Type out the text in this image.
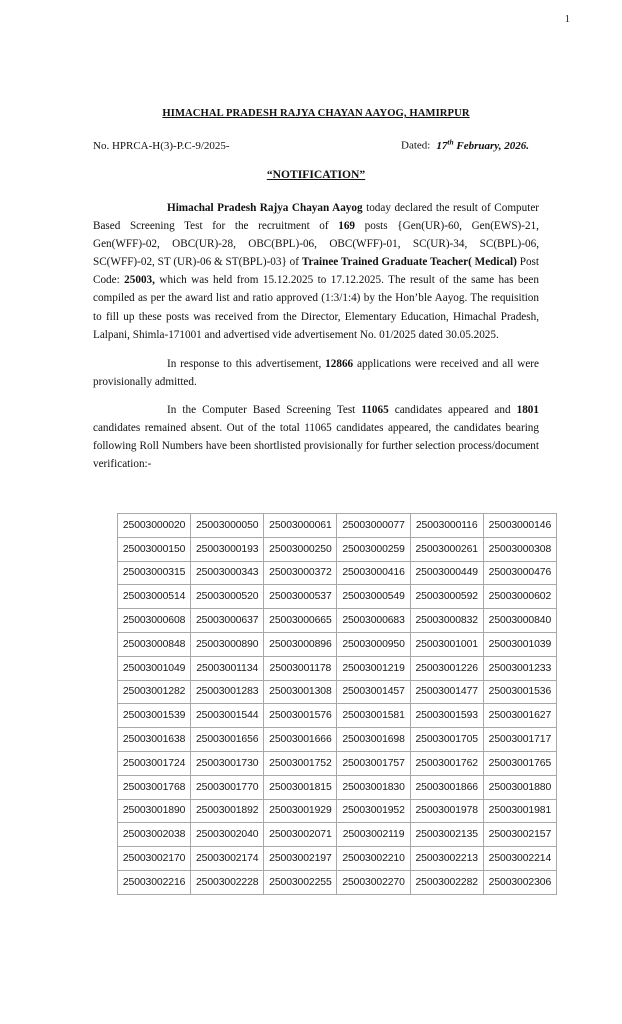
1
HIMACHAL PRADESH RAJYA CHAYAN AAYOG, HAMIRPUR
No. HPRCA-H(3)-P.C-9/2025-	Dated: 17th February, 2026.
“NOTIFICATION”

Himachal Pradesh Rajya Chayan Aayog today declared the result of Computer Based Screening Test for the recruitment of 169 posts {Gen(UR)-60, Gen(EWS)-21, Gen(WFF)-02, OBC(UR)-28, OBC(BPL)-06, OBC(WFF)-01, SC(UR)-34, SC(BPL)-06, SC(WFF)-02, ST (UR)-06 & ST(BPL)-03} of Trainee Trained Graduate Teacher( Medical) Post Code: 25003, which was held from 15.12.2025 to 17.12.2025. The result of the same has been compiled as per the award list and ratio approved (1:3/1:4) by the Hon’ble Aayog. The requisition to fill up these posts was received from the Director, Elementary Education, Himachal Pradesh, Lalpani, Shimla-171001 and advertised vide advertisement No. 01/2025 dated 30.05.2025.

In response to this advertisement, 12866 applications were received and all were provisionally admitted.

In the Computer Based Screening Test 11065 candidates appeared and 1801 candidates remained absent. Out of the total 11065 candidates appeared, the candidates bearing following Roll Numbers have been shortlisted provisionally for further selection process/document verification:-

25003000020	25003000050	25003000061	25003000077	25003000116	25003000146
25003000150	25003000193	25003000250	25003000259	25003000261	25003000308
25003000315	25003000343	25003000372	25003000416	25003000449	25003000476
25003000514	25003000520	25003000537	25003000549	25003000592	25003000602
25003000608	25003000637	25003000665	25003000683	25003000832	25003000840
25003000848	25003000890	25003000896	25003000950	25003001001	25003001039
25003001049	25003001134	25003001178	25003001219	25003001226	25003001233
25003001282	25003001283	25003001308	25003001457	25003001477	25003001536
25003001539	25003001544	25003001576	25003001581	25003001593	25003001627
25003001638	25003001656	25003001666	25003001698	25003001705	25003001717
25003001724	25003001730	25003001752	25003001757	25003001762	25003001765
25003001768	25003001770	25003001815	25003001830	25003001866	25003001880
25003001890	25003001892	25003001929	25003001952	25003001978	25003001981
25003002038	25003002040	25003002071	25003002119	25003002135	25003002157
25003002170	25003002174	25003002197	25003002210	25003002213	25003002214
25003002216	25003002228	25003002255	25003002270	25003002282	25003002306
